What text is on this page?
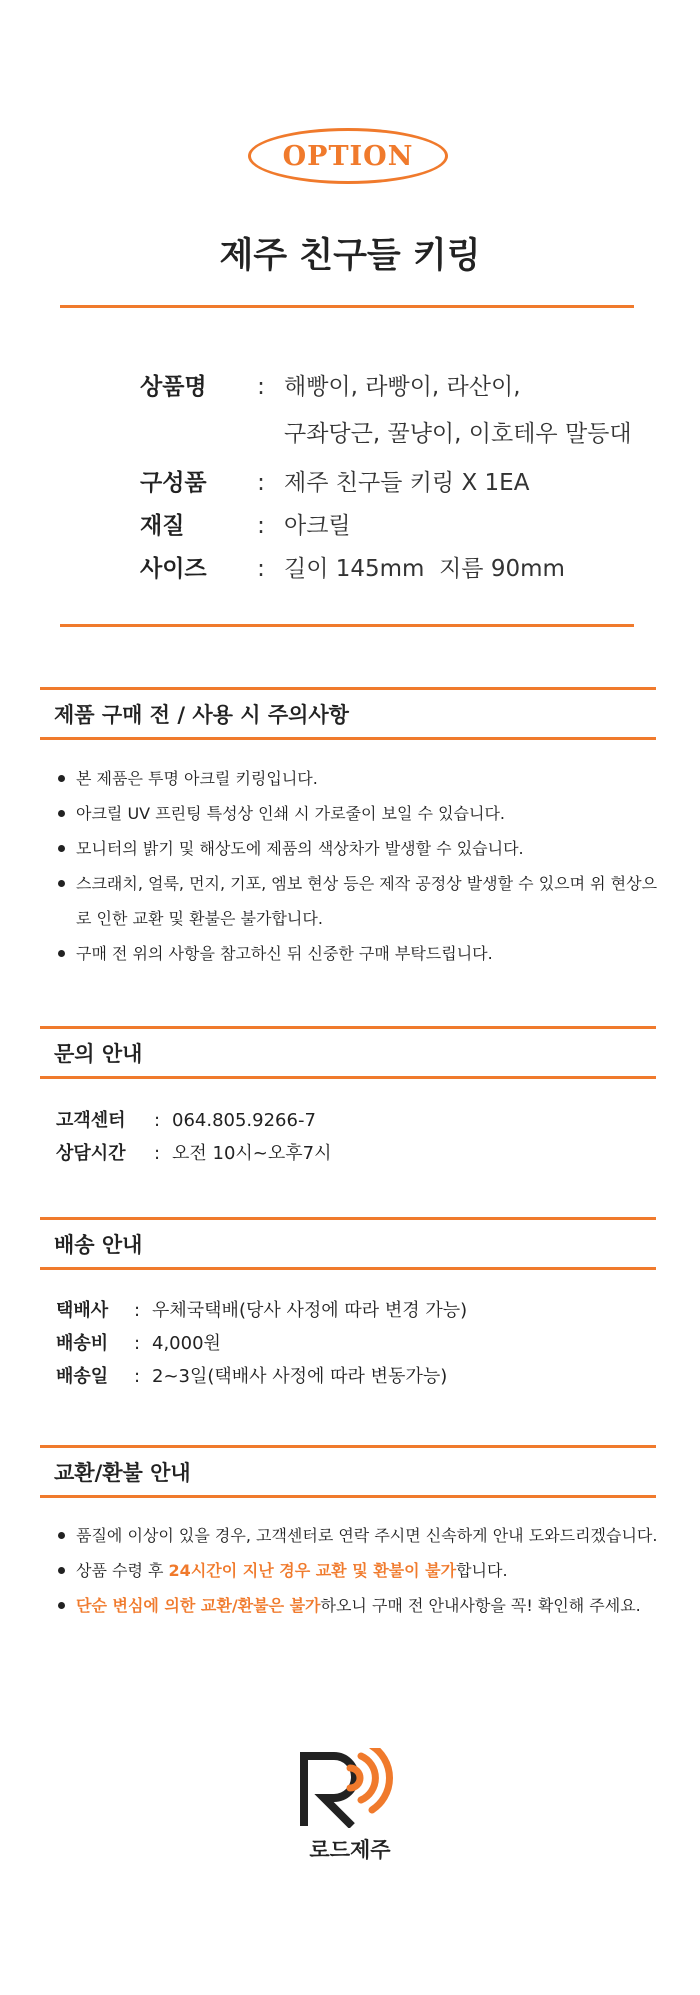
OPTION
제주 친구들 키링
상품명	: 해빵이, 라빵이, 라산이,
구좌당근, 꿀냥이, 이호테우 말등대
구성품	: 제주 친구들 키링 X 1EA
재질	: 아크릴
사이즈	: 길이 145mm  지름 90mm
제품 구매 전 / 사용 시 주의사항
본 제품은 투명 아크릴 키링입니다.
아크릴 UV 프린팅 특성상 인쇄 시 가로줄이 보일 수 있습니다.
모니터의 밝기 및 해상도에 제품의 색상차가 발생할 수 있습니다.
스크래치, 얼룩, 먼지, 기포, 엠보 현상 등은 제작 공정상 발생할 수 있으며 위 현상으로 인한 교환 및 환불은 불가합니다.
구매 전 위의 사항을 참고하신 뒤 신중한 구매 부탁드립니다.
문의 안내
고객센터	: 064.805.9266-7
상담시간	: 오전 10시~오후7시
배송 안내
택배사	: 우체국택배(당사 사정에 따라 변경 가능)
배송비	: 4,000원
배송일	: 2~3일(택배사 사정에 따라 변동가능)
교환/환불 안내
품질에 이상이 있을 경우, 고객센터로 연락 주시면 신속하게 안내 도와드리겠습니다.
상품 수령 후 24시간이 지난 경우 교환 및 환불이 불가합니다.
단순 변심에 의한 교환/환불은 불가하오니 구매 전 안내사항을 꼭! 확인해 주세요.
로드제주
